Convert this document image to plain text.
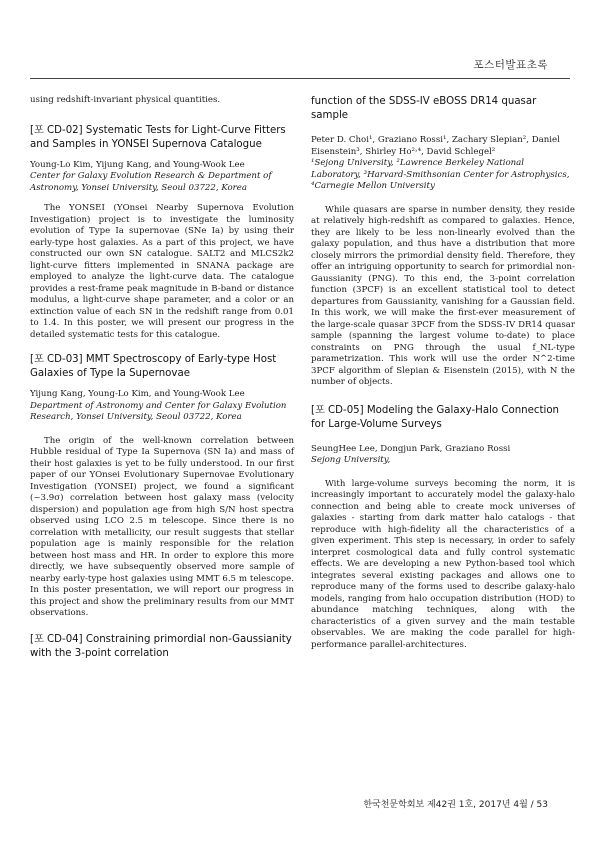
포스터발표초록

using redshift-invariant physical quantities.

[포 CD-02] Systematic Tests for Light-Curve Fitters and Samples in YONSEI Supernova Catalogue

Young-Lo Kim, Yijung Kang, and Young-Wook Lee

Center for Galaxy Evolution Research & Department of Astronomy, Yonsei University, Seoul 03722, Korea

The YONSEI (YOnsei Nearby Supernova Evolution Investigation) project is to investigate the luminosity evolution of Type Ia supernovae (SNe Ia) by using their early-type host galaxies. As a part of this project, we have constructed our own SN catalogue. SALT2 and MLCS2k2 light-curve fitters implemented in SNANA package are employed to analyze the light-curve data. The catalogue provides a rest-frame peak magnitude in B-band or distance modulus, a light-curve shape parameter, and a color or an extinction value of each SN in the redshift range from 0.01 to 1.4. In this poster, we will present our progress in the detailed systematic tests for this catalogue.

[포 CD-03] MMT Spectroscopy of Early-type Host Galaxies of Type Ia Supernovae

Yijung Kang, Young-Lo Kim, and Young-Wook Lee

Department of Astronomy and Center for Galaxy Evolution Research, Yonsei University, Seoul 03722, Korea

The origin of the well-known correlation between Hubble residual of Type Ia Supernova (SN Ia) and mass of their host galaxies is yet to be fully understood. In our first paper of our YOnsei Evolutionary Supernovae Evolutionary Investigation (YONSEI) project, we found a significant (~3.9σ) correlation between host galaxy mass (velocity dispersion) and population age from high S/N host spectra observed using LCO 2.5 m telescope. Since there is no correlation with metallicity, our result suggests that stellar population age is mainly responsible for the relation between host mass and HR. In order to explore this more directly, we have subsequently observed more sample of nearby early-type host galaxies using MMT 6.5 m telescope. In this poster presentation, we will report our progress in this project and show the preliminary results from our MMT observations.

[포 CD-04] Constraining primordial non-Gaussianity with the 3-point correlation

function of the SDSS-IV eBOSS DR14 quasar sample

Peter D. Choi¹, Graziano Rossi¹, Zachary Slepian², Daniel Eisenstein³, Shirley Ho²˒⁴, David Schlegel²

¹Sejong University, ²Lawrence Berkeley National Laboratory, ³Harvard-Smithsonian Center for Astrophysics, ⁴Carnegie Mellon University

While quasars are sparse in number density, they reside at relatively high-redshift as compared to galaxies. Hence, they are likely to be less non-linearly evolved than the galaxy population, and thus have a distribution that more closely mirrors the primordial density field. Therefore, they offer an intriguing opportunity to search for primordial non-Gaussianity (PNG). To this end, the 3-point correlation function (3PCF) is an excellent statistical tool to detect departures from Gaussianity, vanishing for a Gaussian field. In this work, we will make the first-ever measurement of the large-scale quasar 3PCF from the SDSS-IV DR14 quasar sample (spanning the largest volume to-date) to place constraints on PNG through the usual f_NL-type parametrization. This work will use the order N^2-time 3PCF algorithm of Slepian & Eisenstein (2015), with N the number of objects.

[포 CD-05] Modeling the Galaxy-Halo Connection for Large-Volume Surveys

SeungHee Lee, Dongjun Park, Graziano Rossi

Sejong University,

With large-volume surveys becoming the norm, it is increasingly important to accurately model the galaxy-halo connection and being able to create mock universes of galaxies - starting from dark matter halo catalogs - that reproduce with high-fidelity all the characteristics of a given experiment. This step is necessary, in order to safely interpret cosmological data and fully control systematic effects. We are developing a new Python-based tool which integrates several existing packages and allows one to reproduce many of the forms used to describe galaxy-halo models, ranging from halo occupation distribution (HOD) to abundance matching techniques, along with the characteristics of a given survey and the main testable observables. We are making the code parallel for high-performance parallel-architectures.

한국천문학회보 제42권 1호, 2017년 4월 / 53
